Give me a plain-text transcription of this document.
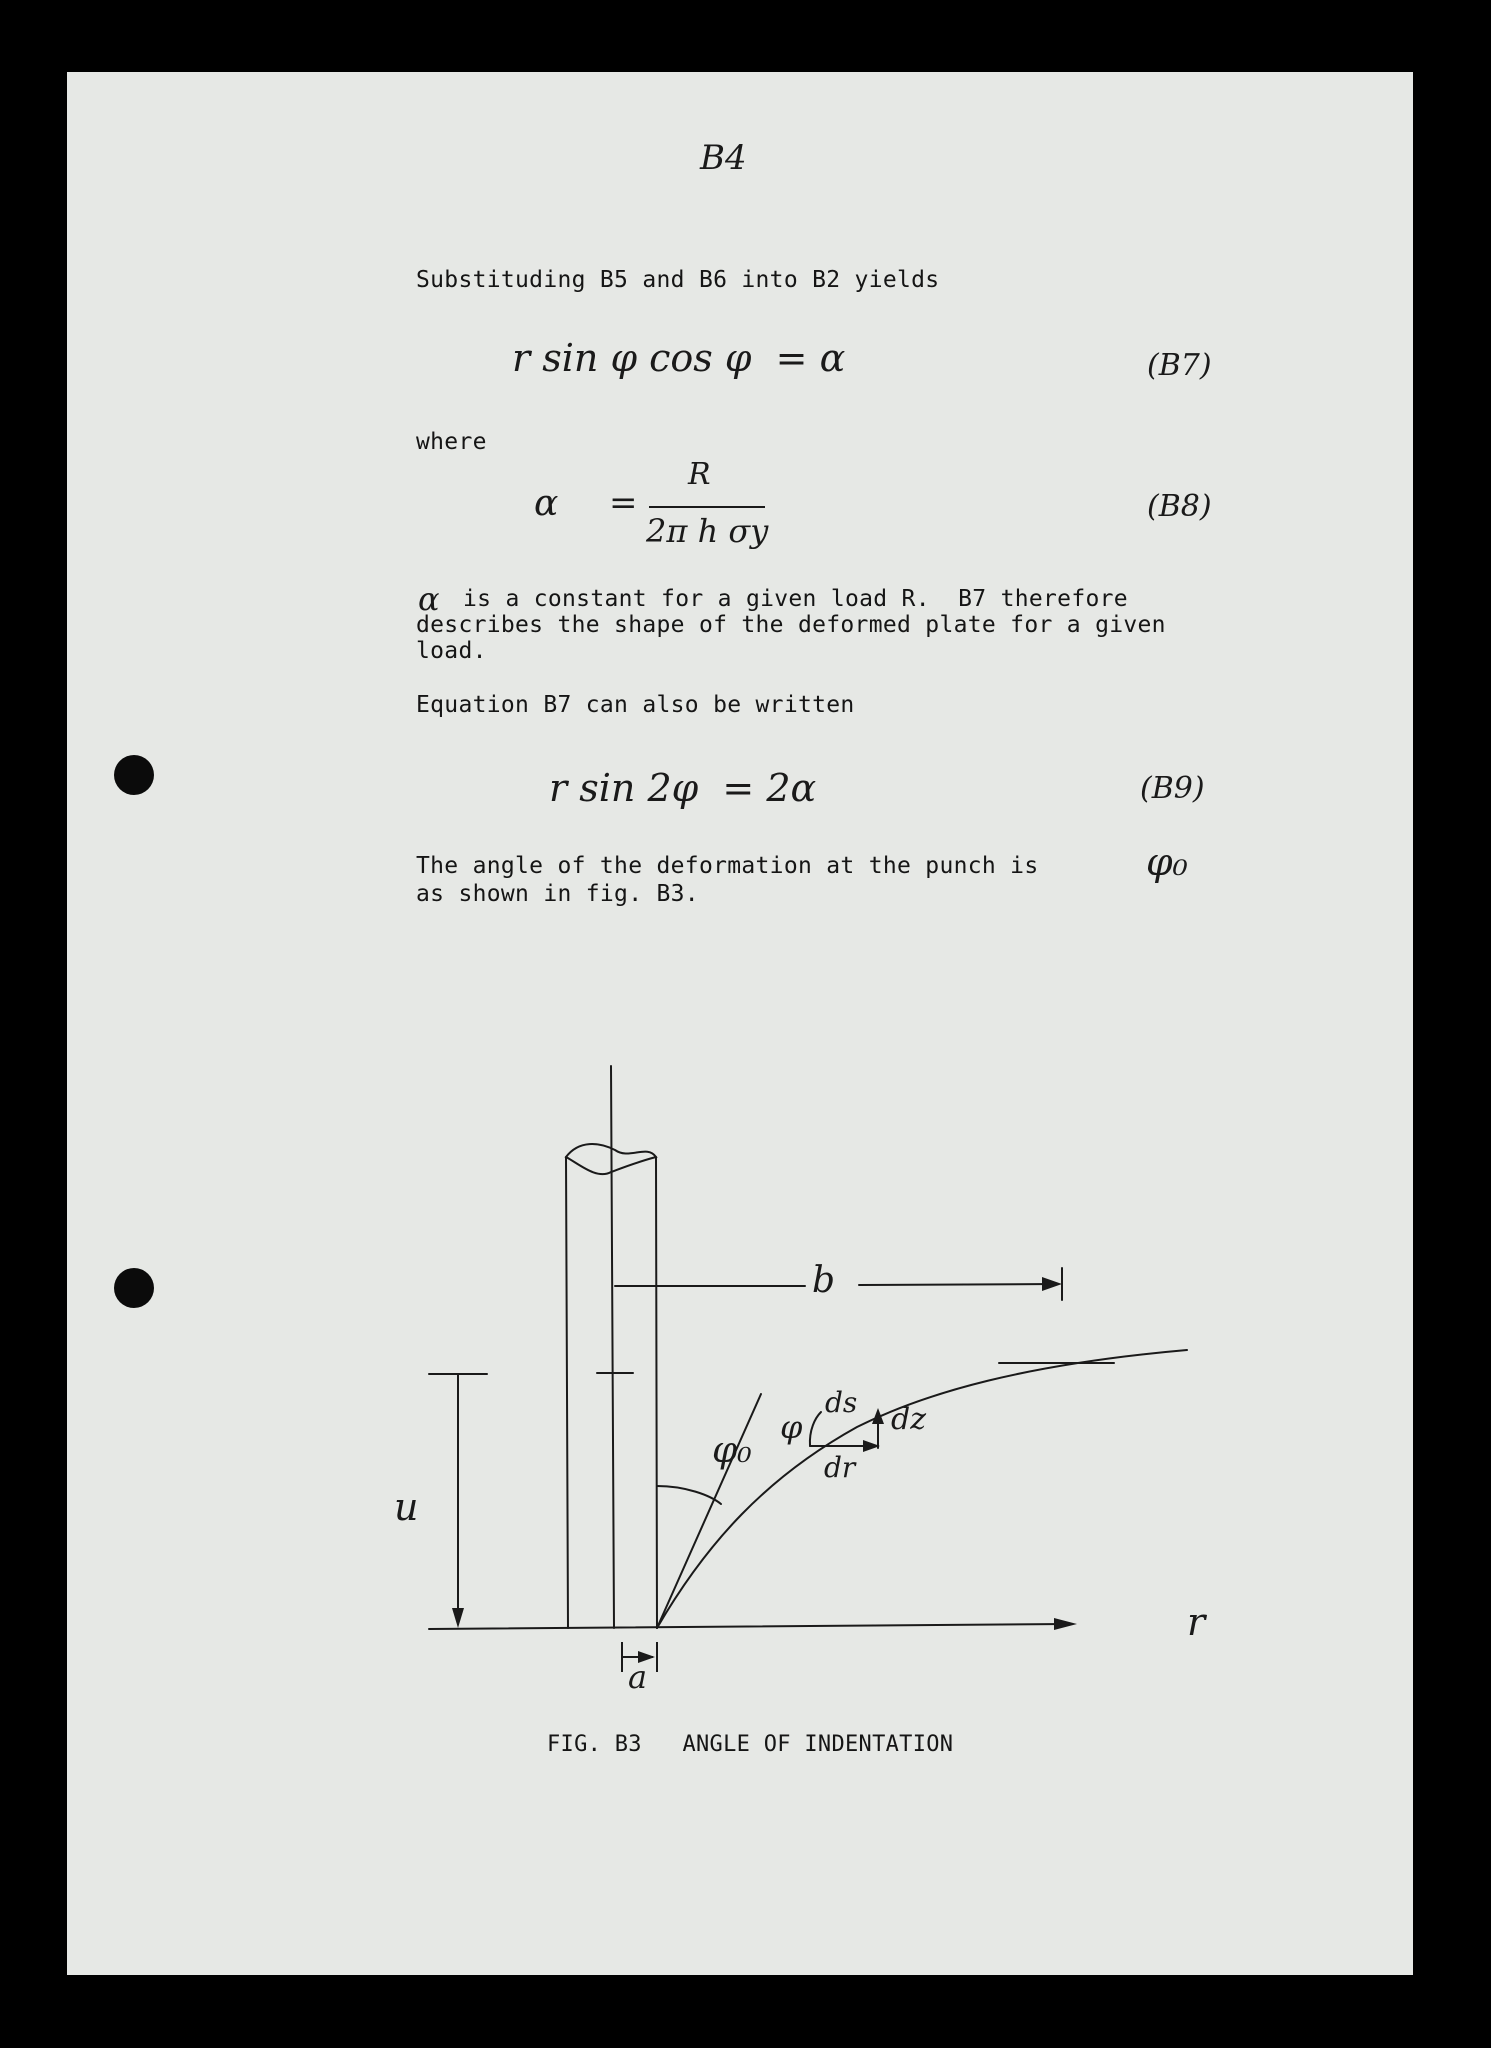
B4
Substituding B5 and B6 into B2 yields
r sin φ cos φ  = α	(B7)
where
α =
R
2π h σy
(B8)
α is a constant for a given load R.  B7 therefore
describes the shape of the deformed plate for a given
load.
Equation B7 can also be written
r sin 2φ  = 2α	(B9)
The angle of the deformation at the punch is	φ₀
as shown in fig. B3.
b
u
a
r
φ₀
φ
ds dz
dr
FIG. B3   ANGLE OF INDENTATION
